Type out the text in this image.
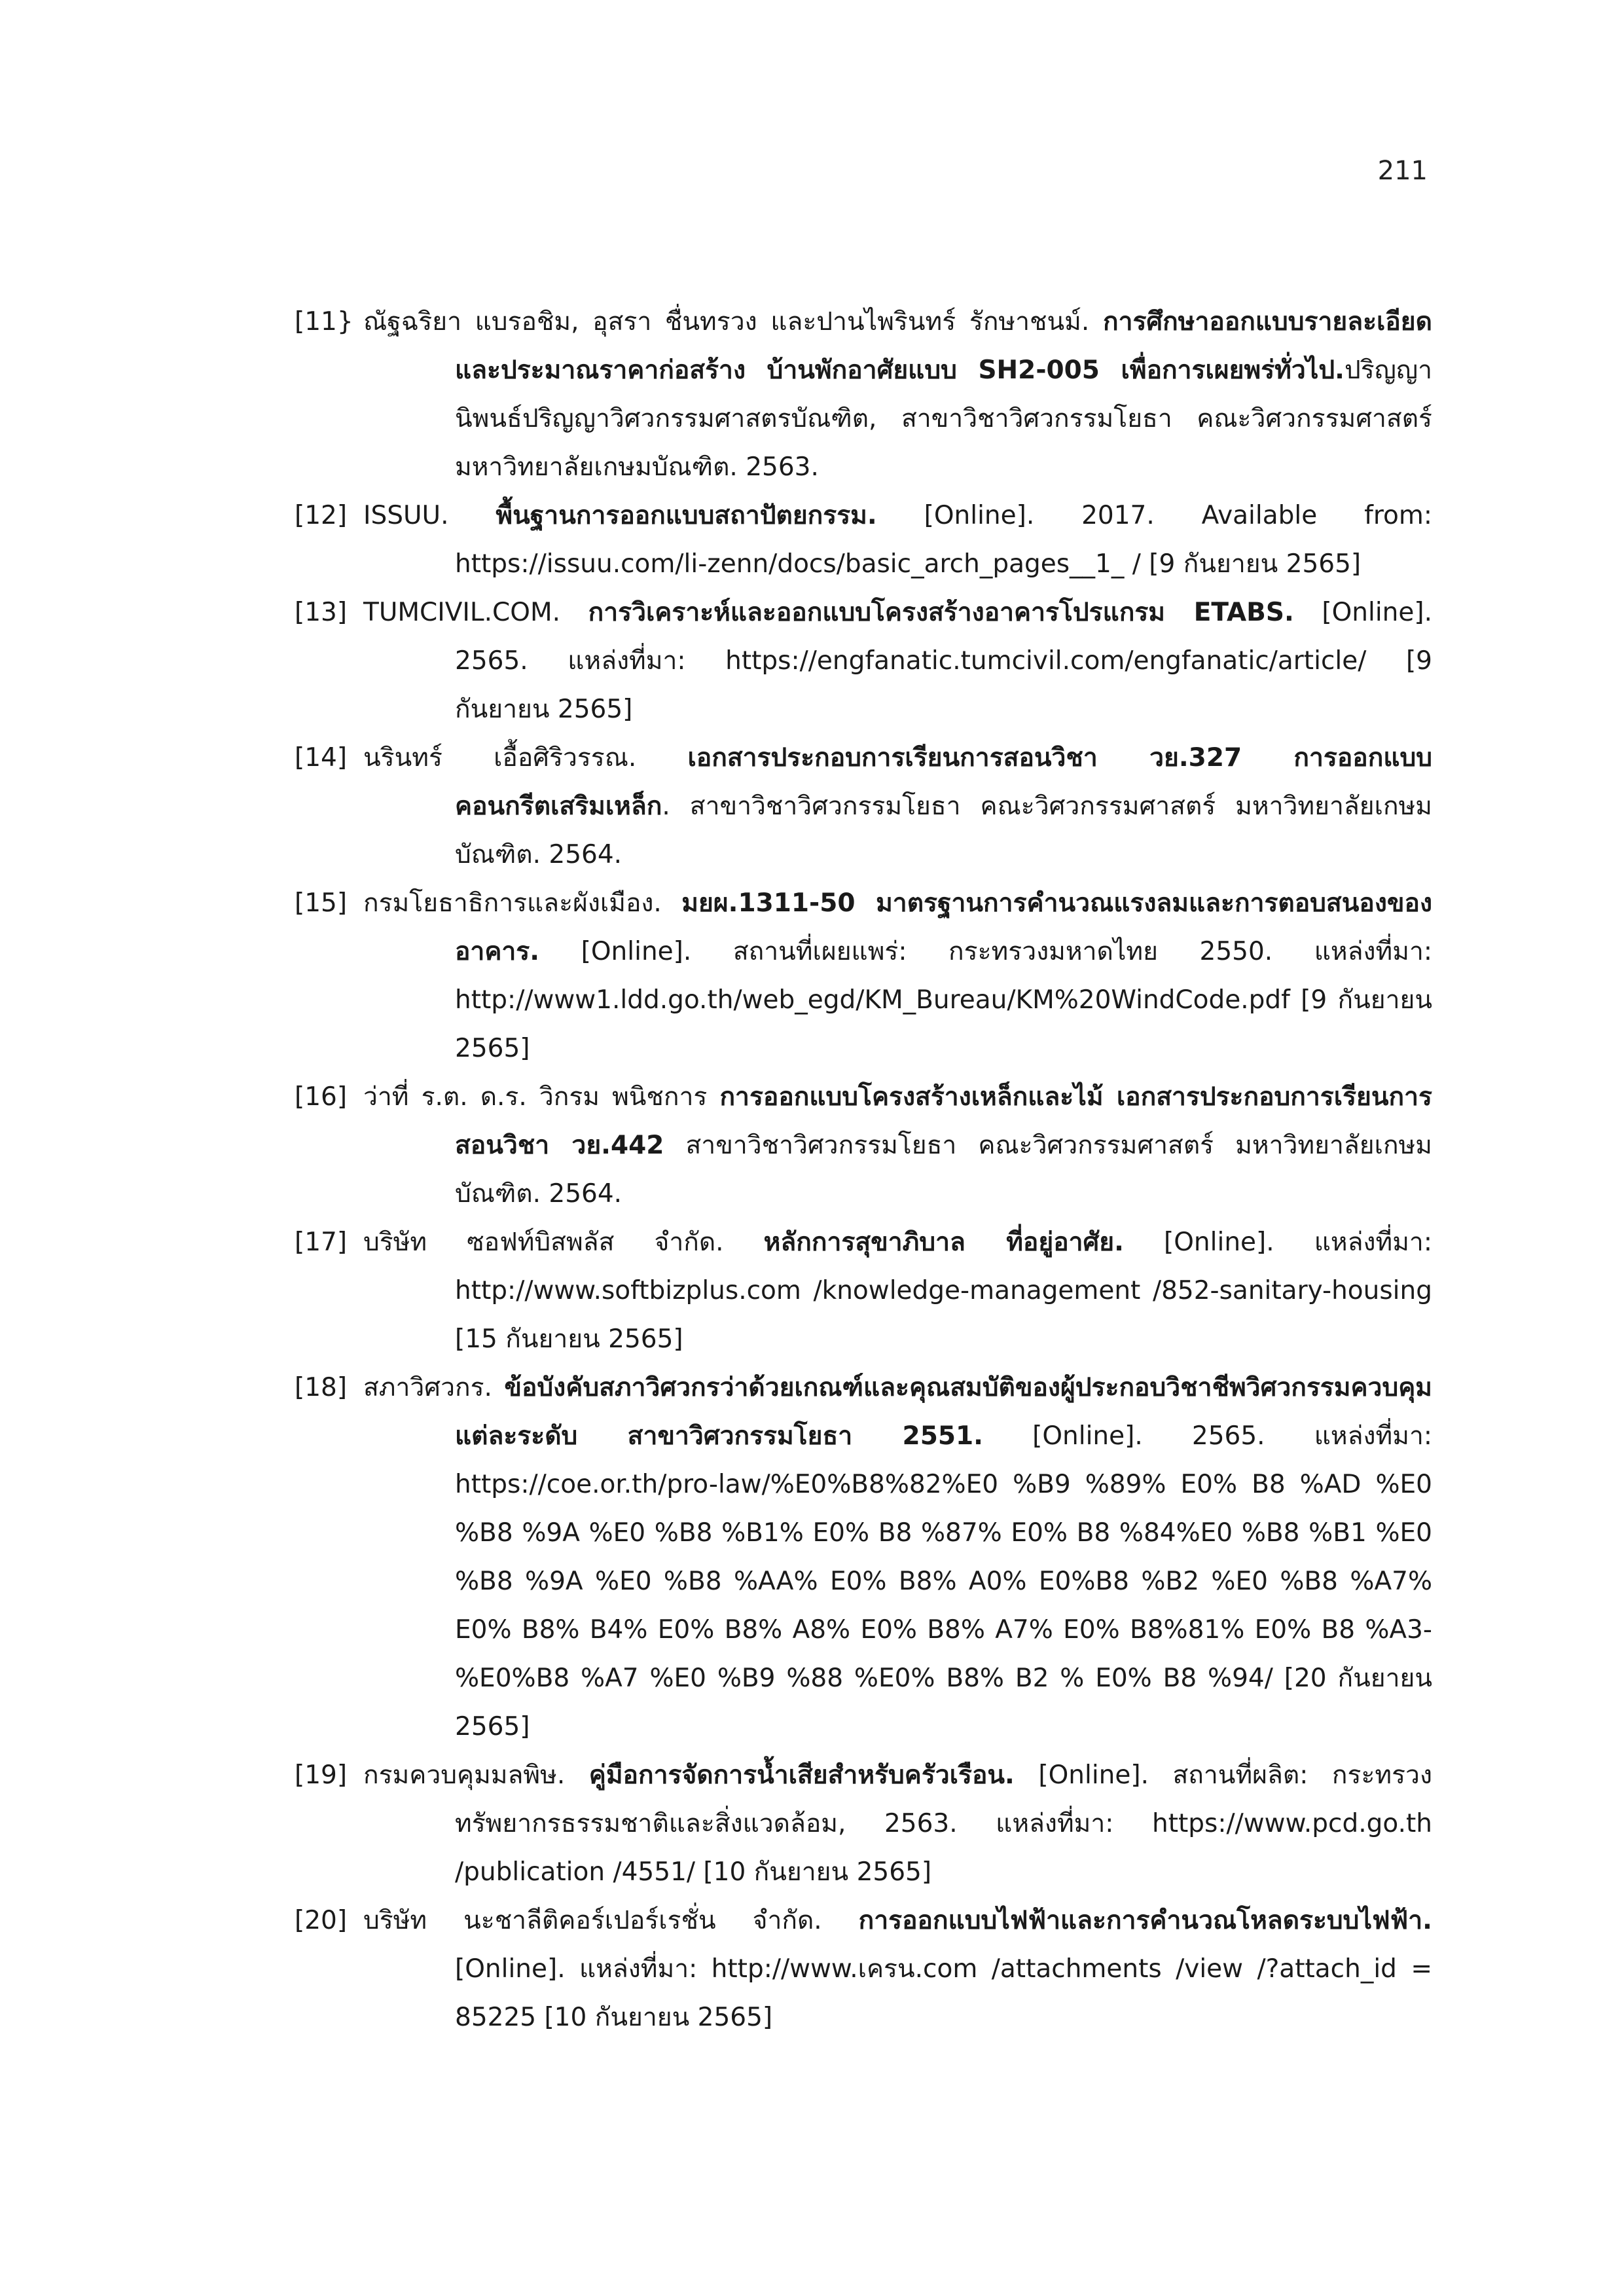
211
[11} ณัฐฉริยา แบรอชิม, อุสรา ชื่นทรวง และปานไพรินทร์ รักษาชนม์. การศึกษาออกแบบรายละเอียดและประมาณราคาก่อสร้าง บ้านพักอาศัยแบบ SH2-005 เพื่อการเผยพร่ทั่วไป.ปริญญานิพนธ์ปริญญาวิศวกรรมศาสตรบัณฑิต, สาขาวิชาวิศวกรรมโยธา คณะวิศวกรรมศาสตร์ มหาวิทยาลัยเกษมบัณฑิต. 2563.
[12] ISSUU. พื้นฐานการออกแบบสถาปัตยกรรม. [Online]. 2017. Available from: https://issuu.com/li-zenn/docs/basic_arch_pages__1_ / [9 กันยายน 2565]
[13] TUMCIVIL.COM. การวิเคราะห์และออกแบบโครงสร้างอาคารโปรแกรม ETABS. [Online]. 2565. แหล่งที่มา: https://engfanatic.tumcivil.com/engfanatic/article/ [9 กันยายน 2565]
[14] นรินทร์ เอื้อศิริวรรณ. เอกสารประกอบการเรียนการสอนวิชา วย.327 การออกแบบคอนกรีตเสริมเหล็ก. สาขาวิชาวิศวกรรมโยธา คณะวิศวกรรมศาสตร์ มหาวิทยาลัยเกษมบัณฑิต. 2564.
[15] กรมโยธาธิการและผังเมือง. มยผ.1311-50 มาตรฐานการคำนวณแรงลมและการตอบสนองของอาคาร. [Online]. สถานที่เผยแพร่: กระทรวงมหาดไทย 2550. แหล่งที่มา: http://www1.ldd.go.th/web_egd/KM_Bureau/KM%20WindCode.pdf [9 กันยายน 2565]
[16] ว่าที่ ร.ต. ด.ร. วิกรม พนิชการ การออกแบบโครงสร้างเหล็กและไม้ เอกสารประกอบการเรียนการสอนวิชา วย.442 สาขาวิชาวิศวกรรมโยธา คณะวิศวกรรมศาสตร์ มหาวิทยาลัยเกษมบัณฑิต. 2564.
[17] บริษัท ซอฟท์บิสพลัส จำกัด. หลักการสุขาภิบาล ที่อยู่อาศัย. [Online]. แหล่งที่มา: http://www.softbizplus.com /knowledge-management /852-sanitary-housing [15 กันยายน 2565]
[18] สภาวิศวกร. ข้อบังคับสภาวิศวกรว่าด้วยเกณฑ์และคุณสมบัติของผู้ประกอบวิชาชีพวิศวกรรมควบคุมแต่ละระดับ สาขาวิศวกรรมโยธา 2551. [Online]. 2565. แหล่งที่มา: https://coe.or.th/pro-law/%E0%B8%82%E0 %B9 %89% E0% B8 %AD %E0 %B8 %9A %E0 %B8 %B1% E0% B8 %87% E0% B8 %84%E0 %B8 %B1 %E0 %B8 %9A %E0 %B8 %AA% E0% B8% A0% E0%B8 %B2 %E0 %B8 %A7% E0% B8% B4% E0% B8% A8% E0% B8% A7% E0% B8%81% E0% B8 %A3-%E0%B8 %A7 %E0 %B9 %88 %E0% B8% B2 % E0% B8 %94/ [20 กันยายน 2565]
[19] กรมควบคุมมลพิษ. คู่มือการจัดการน้ำเสียสำหรับครัวเรือน. [Online]. สถานที่ผลิต: กระทรวงทรัพยากรธรรมชาติและสิ่งแวดล้อม, 2563. แหล่งที่มา: https://www.pcd.go.th /publication /4551/ [10 กันยายน 2565]
[20] บริษัท นะชาลีติคอร์เปอร์เรชั่น จำกัด. การออกแบบไฟฟ้าและการคำนวณโหลดระบบไฟฟ้า. [Online]. แหล่งที่มา: http://www.เครน.com /attachments /view /?attach_id = 85225 [10 กันยายน 2565]
